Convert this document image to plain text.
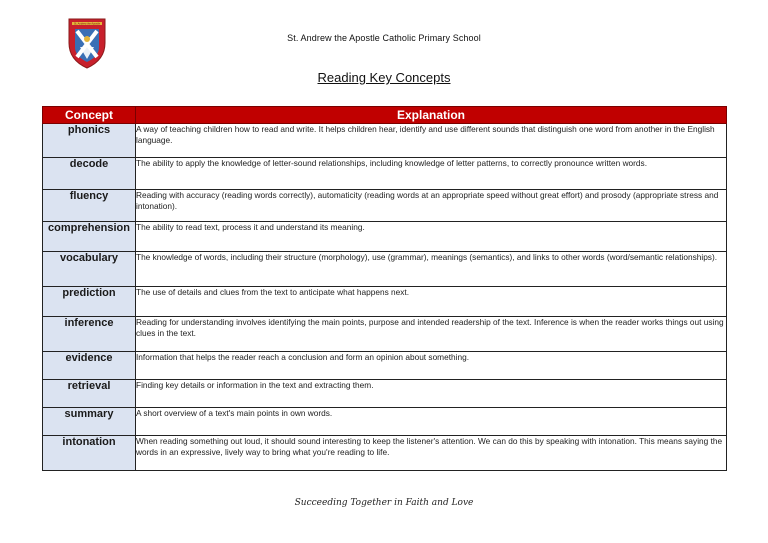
St. Andrew the Apostle
St. Andrew the Apostle Catholic Primary School
Reading Key Concepts
Concept	Explanation
phonics	A way of teaching children how to read and write. It helps children hear, identify and use different sounds that distinguish one word from another in the English language.
decode	The ability to apply the knowledge of letter-sound relationships, including knowledge of letter patterns, to correctly pronounce written words.
fluency	Reading with accuracy (reading words correctly), automaticity (reading words at an appropriate speed without great effort) and prosody (appropriate stress and intonation).
comprehension	The ability to read text, process it and understand its meaning.
vocabulary	The knowledge of words, including their structure (morphology), use (grammar), meanings (semantics), and links to other words (word/semantic relationships).
prediction	The use of details and clues from the text to anticipate what happens next.
inference	Reading for understanding involves identifying the main points, purpose and intended readership of the text. Inference is when the reader works things out using clues in the text.
evidence	Information that helps the reader reach a conclusion and form an opinion about something.
retrieval	Finding key details or information in the text and extracting them.
summary	A short overview of a text's main points in own words.
intonation	When reading something out loud, it should sound interesting to keep the listener's attention. We can do this by speaking with intonation. This means saying the words in an expressive, lively way to bring what you're reading to life.
Succeeding Together in Faith and Love
